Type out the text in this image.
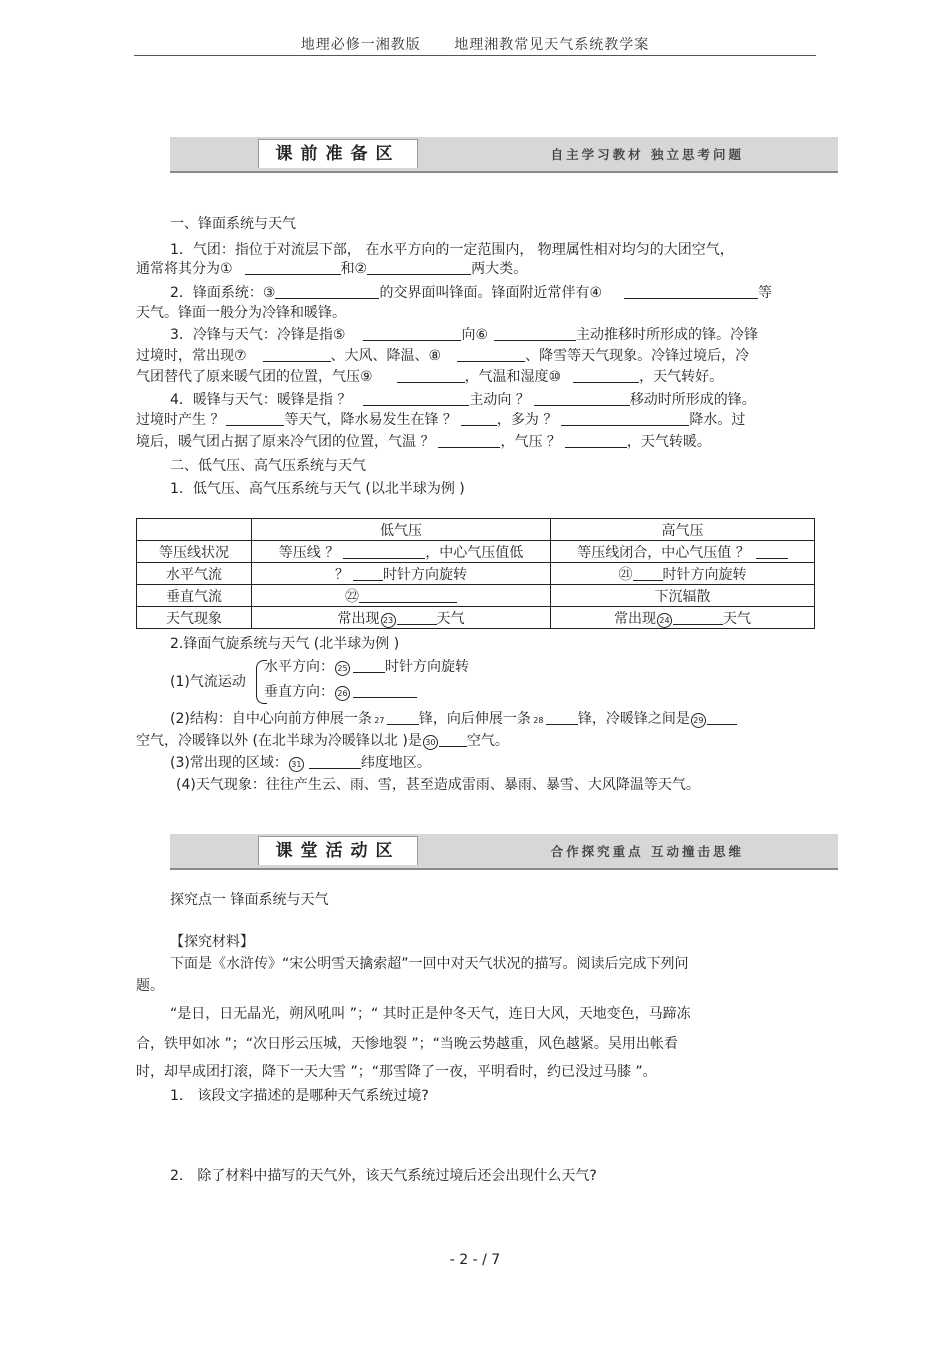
地理必修一湘教版 地理湘教常见天气系统教学案
课前准备区	自主学习教材 独立思考问题
一、锋面系统与天气
1．气团：指位于对流层下部， 在水平方向的一定范围内， 物理属性相对均匀的大团空气，
通常将其分为①	和②	两大类。
2．锋面系统：③	的交界面叫锋面。锋面附近常伴有④	等
天气。锋面一般分为冷锋和暖锋。
3．冷锋与天气：冷锋是指⑤	向⑥	主动推移时所形成的锋。冷锋
过境时，常出现⑦	、大风、降温、⑧	、降雪等天气现象。冷锋过境后，冷
气团替代了原来暖气团的位置，气压⑨	，气温和湿度⑩	，天气转好。
4．暖锋与天气：暖锋是指 ？	主动向 ？	移动时所形成的锋。
过境时产生 ？	等天气，降水易发生在锋 ？	，多为 ？	降水。过
境后，暖气团占据了原来冷气团的位置，气温 ？	，气压 ？	，天气转暖。
二、低气压、高气压系统与天气
1．低气压、高气压系统与天气 (以北半球为例 )
	低气压	高气压
等压线状况	等压线 ？ ，中心气压值低	等压线闭合，中心气压值 ？
水平气流	？ 时针方向旋转	㉑ 时针方向旋转
垂直气流	㉒	下沉辐散
天气现象	常出现 23 天气	常出现 24 天气
2.锋面气旋系统与天气 (北半球为例 )
(1)气流运动
水平方向： 25	时针方向旋转
垂直方向： 26
(2)结构：自中心向前方伸展一条 27 锋，向后伸展一条 28 锋，冷暖锋之间是 29
空气，冷暖锋以外 (在北半球为冷暖锋以北 )是 30 空气。
(3)常出现的区域： 31	纬度地区。
(4)天气现象：往往产生云、雨、雪，甚至造成雷雨、暴雨、暴雪、大风降温等天气。
课堂活动区	合作探究重点 互动撞击思维
探究点一 锋面系统与天气
【探究材料】
下面是《水浒传》“宋公明雪天擒索超”一回中对天气状况的描写。阅读后完成下列问
题。
“是日，日无晶光，朔风吼叫 ”；“ 其时正是仲冬天气，连日大风，天地变色，马蹄冻
合，铁甲如冰 ”；“次日彤云压城，天惨地裂 ”；“当晚云势越重，风色越紧。吴用出帐看
时，却早成团打滚，降下一天大雪 ”；“那雪降了一夜，平明看时，约已没过马膝 ”。
1． 该段文字描述的是哪种天气系统过境?
2． 除了材料中描写的天气外，该天气系统过境后还会出现什么天气?
- 2 - / 7
